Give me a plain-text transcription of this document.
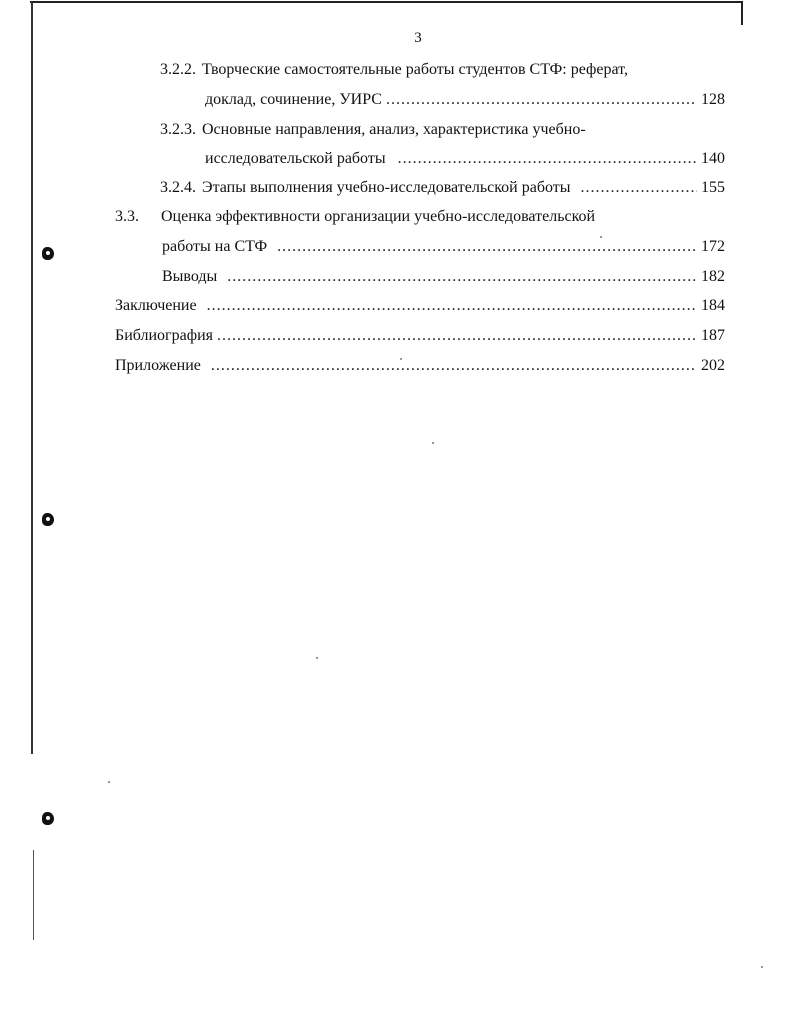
3
3.2.2. Творческие самостоятельные работы студентов СТФ: реферат,
доклад, сочинение, УИРС .....	128
3.2.3. Основные направления, анализ, характеристика учебно-
исследовательской работы .....	140
3.2.4. Этапы выполнения учебно-исследовательской работы .....	155
3.3.	Оценка эффективности организации учебно-исследовательской
работы на СТФ .....	172
Выводы .....	182
Заключение .....	184
Библиография .....	187
Приложение .....	202
